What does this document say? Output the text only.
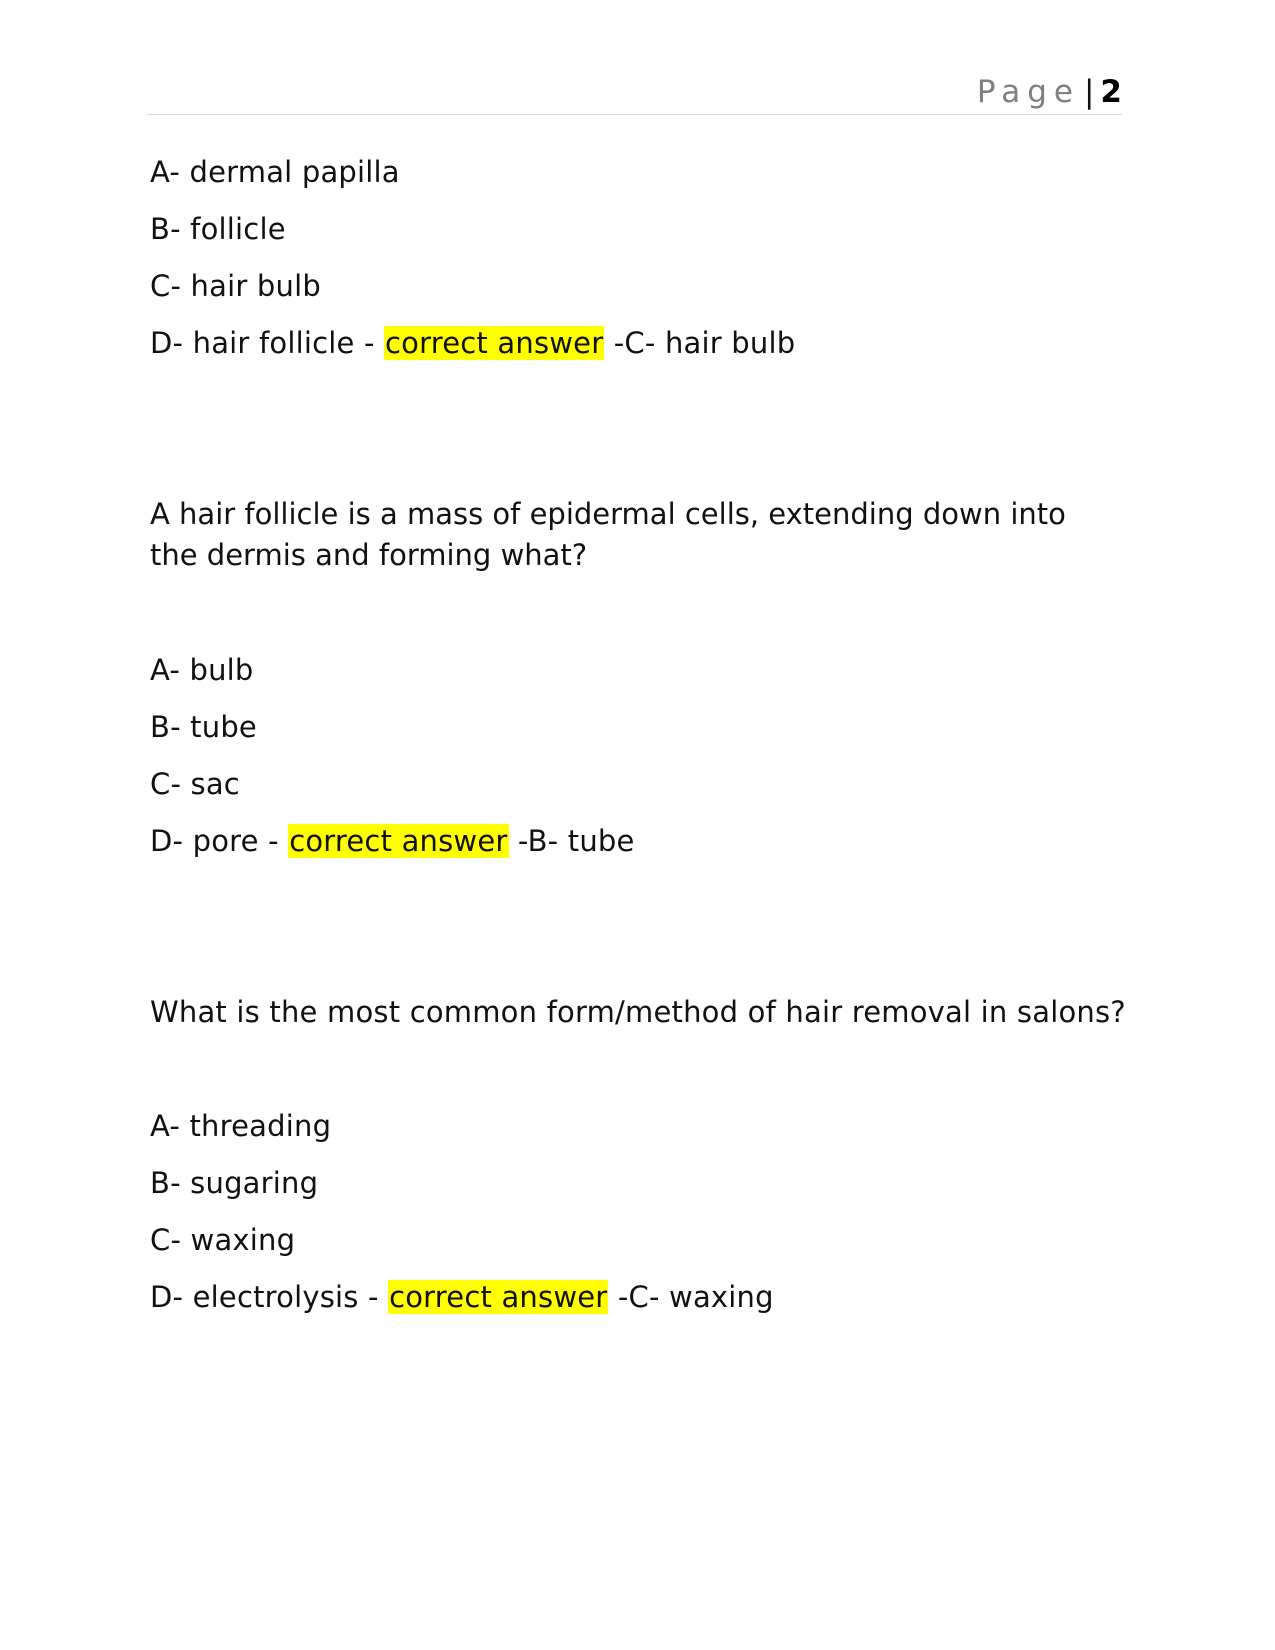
Page | 2
A- dermal papilla
B- follicle
C- hair bulb
D- hair follicle - correct answer -C- hair bulb
A hair follicle is a mass of epidermal cells, extending down into the dermis and forming what?
A- bulb
B- tube
C- sac
D- pore - correct answer -B- tube
What is the most common form/method of hair removal in salons?
A- threading
B- sugaring
C- waxing
D- electrolysis - correct answer -C- waxing
